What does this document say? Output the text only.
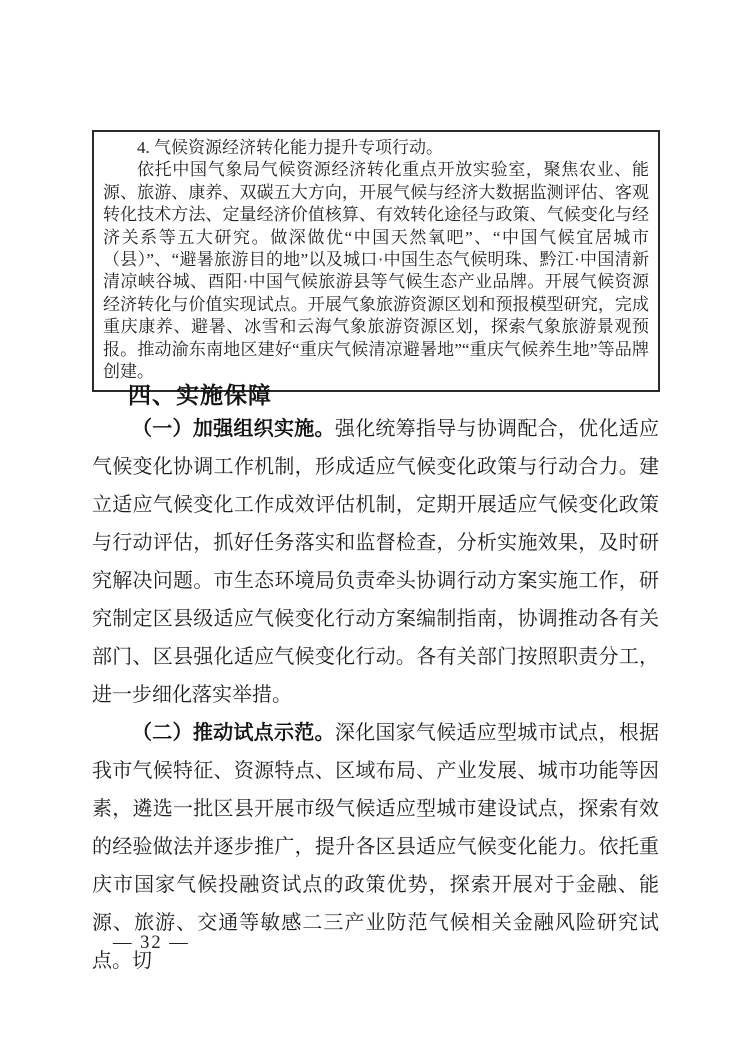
4. 气候资源经济转化能力提升专项行动。

依托中国气象局气候资源经济转化重点开放实验室，聚焦农业、能源、旅游、康养、双碳五大方向，开展气候与经济大数据监测评估、客观转化技术方法、定量经济价值核算、有效转化途径与政策、气候变化与经济关系等五大研究。做深做优“中国天然氧吧”、“中国气候宜居城市（县）”、“避暑旅游目的地”以及城口·中国生态气候明珠、黔江·中国清新清凉峡谷城、酉阳·中国气候旅游县等气候生态产业品牌。开展气候资源经济转化与价值实现试点。开展气象旅游资源区划和预报模型研究，完成重庆康养、避暑、冰雪和云海气象旅游资源区划，探索气象旅游景观预报。推动渝东南地区建好“重庆气候清凉避暑地”“重庆气候养生地”等品牌创建。

四、实施保障

（一）加强组织实施。强化统筹指导与协调配合，优化适应气候变化协调工作机制，形成适应气候变化政策与行动合力。建立适应气候变化工作成效评估机制，定期开展适应气候变化政策与行动评估，抓好任务落实和监督检查，分析实施效果，及时研究解决问题。市生态环境局负责牵头协调行动方案实施工作，研究制定区县级适应气候变化行动方案编制指南，协调推动各有关部门、区县强化适应气候变化行动。各有关部门按照职责分工，进一步细化落实举措。

（二）推动试点示范。深化国家气候适应型城市试点，根据我市气候特征、资源特点、区域布局、产业发展、城市功能等因素，遴选一批区县开展市级气候适应型城市建设试点，探索有效的经验做法并逐步推广，提升各区县适应气候变化能力。依托重庆市国家气候投融资试点的政策优势，探索开展对于金融、能源、旅游、交通等敏感二三产业防范气候相关金融风险研究试点。切

— 32 —
